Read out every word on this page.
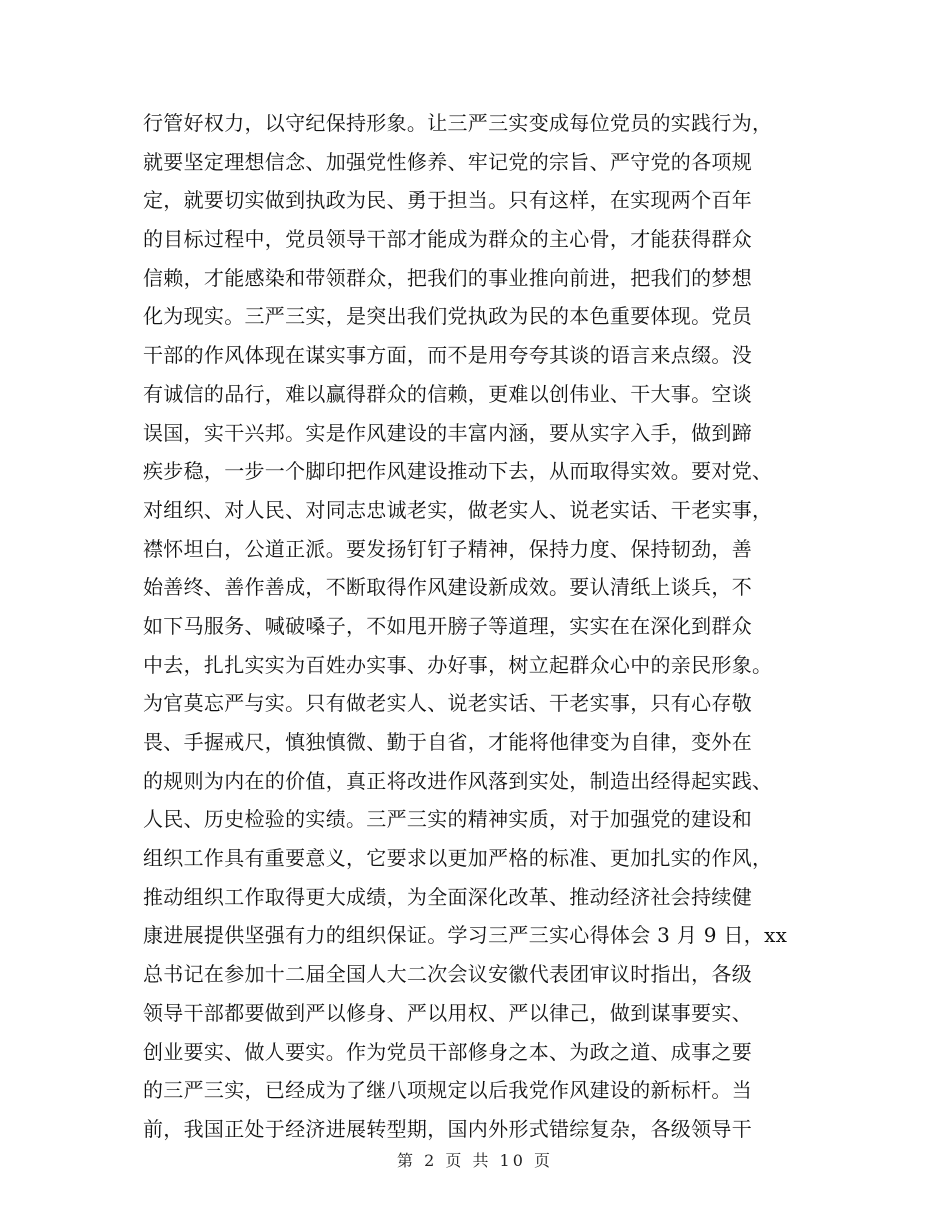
行管好权力，以守纪保持形象。让三严三实变成每位党员的实践行为，
就要坚定理想信念、加强党性修养、牢记党的宗旨、严守党的各项规
定，就要切实做到执政为民、勇于担当。只有这样，在实现两个百年
的目标过程中，党员领导干部才能成为群众的主心骨，才能获得群众
信赖，才能感染和带领群众，把我们的事业推向前进，把我们的梦想
化为现实。三严三实，是突出我们党执政为民的本色重要体现。党员
干部的作风体现在谋实事方面，而不是用夸夸其谈的语言来点缀。没
有诚信的品行，难以赢得群众的信赖，更难以创伟业、干大事。空谈
误国，实干兴邦。实是作风建设的丰富内涵，要从实字入手，做到蹄
疾步稳，一步一个脚印把作风建设推动下去，从而取得实效。要对党、
对组织、对人民、对同志忠诚老实，做老实人、说老实话、干老实事，
襟怀坦白，公道正派。要发扬钉钉子精神，保持力度、保持韧劲，善
始善终、善作善成，不断取得作风建设新成效。要认清纸上谈兵，不
如下马服务、喊破嗓子，不如甩开膀子等道理，实实在在深化到群众
中去，扎扎实实为百姓办实事、办好事，树立起群众心中的亲民形象。
为官莫忘严与实。只有做老实人、说老实话、干老实事，只有心存敬
畏、手握戒尺，慎独慎微、勤于自省，才能将他律变为自律，变外在
的规则为内在的价值，真正将改进作风落到实处，制造出经得起实践、
人民、历史检验的实绩。三严三实的精神实质，对于加强党的建设和
组织工作具有重要意义，它要求以更加严格的标准、更加扎实的作风，
推动组织工作取得更大成绩，为全面深化改革、推动经济社会持续健
康进展提供坚强有力的组织保证。学习三严三实心得体会 3 月 9 日，xx
总书记在参加十二届全国人大二次会议安徽代表团审议时指出，各级
领导干部都要做到严以修身、严以用权、严以律己，做到谋事要实、
创业要实、做人要实。作为党员干部修身之本、为政之道、成事之要
的三严三实，已经成为了继八项规定以后我党作风建设的新标杆。当
前，我国正处于经济进展转型期，国内外形式错综复杂，各级领导干
第 2 页 共 10 页
